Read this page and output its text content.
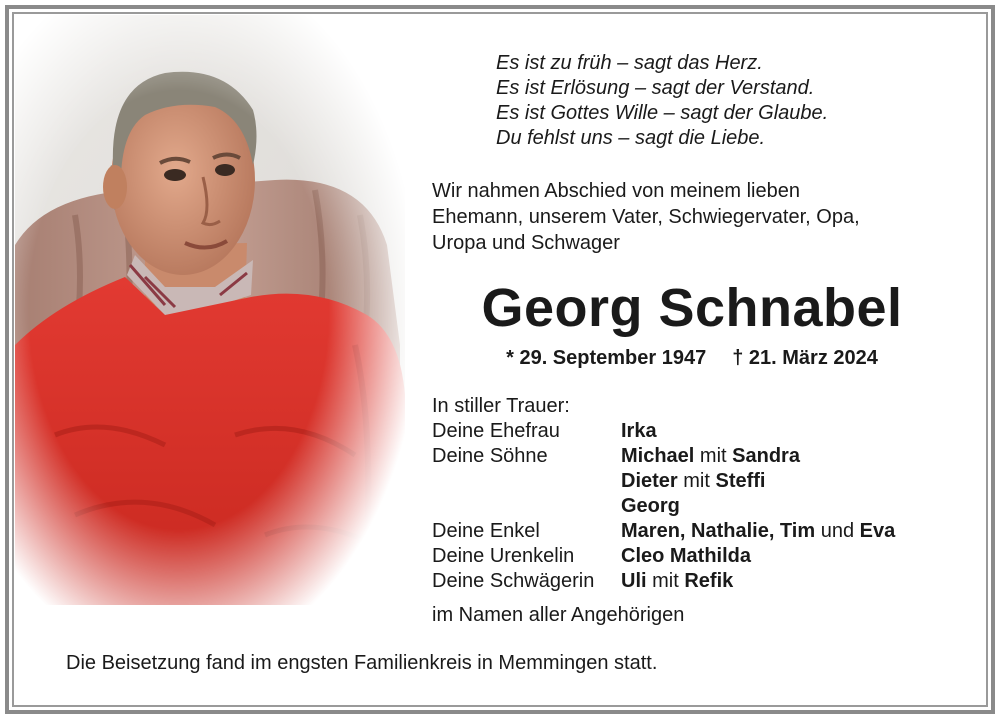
Es ist zu früh – sagt das Herz.
Es ist Erlösung – sagt der Verstand.
Es ist Gottes Wille – sagt der Glaube.
Du fehlst uns – sagt die Liebe.
Wir nahmen Abschied von meinem lieben
Ehemann, unserem Vater, Schwiegervater, Opa,
Uropa und Schwager
Georg Schnabel
* 29. September 1947 † 21. März 2024
In stiller Trauer:
Deine Ehefrau	Irka
Deine Söhne	Michael mit Sandra
Dieter mit Steffi
Georg
Deine Enkel	Maren, Nathalie, Tim und Eva
Deine Urenkelin	Cleo Mathilda
Deine Schwägerin	Uli mit Refik
im Namen aller Angehörigen
Die Beisetzung fand im engsten Familienkreis in Memmingen statt.
